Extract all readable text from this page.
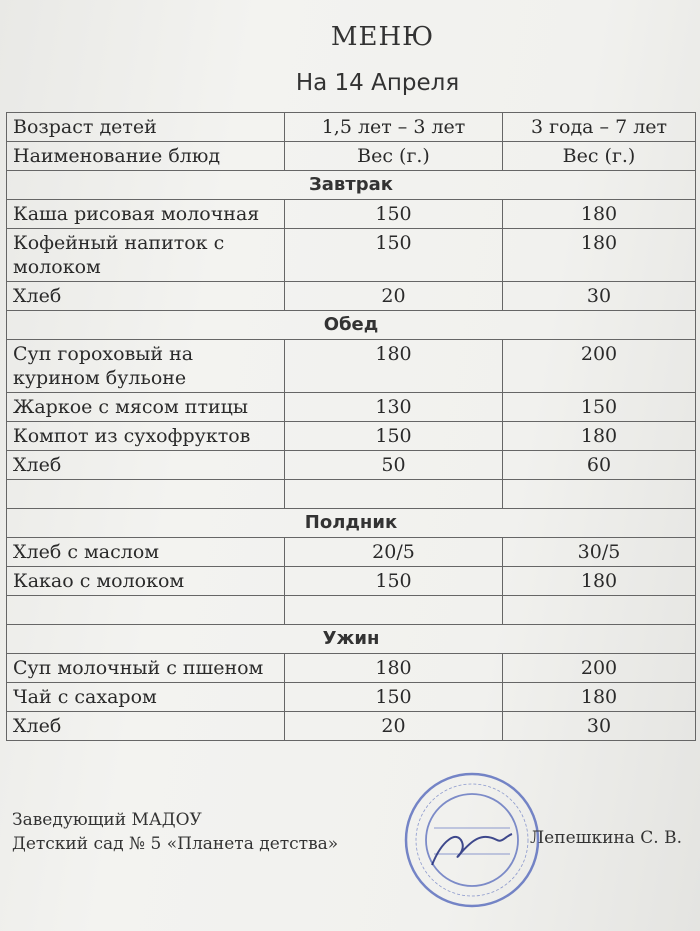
МЕНЮ
На 14 Апреля
Возраст детей	1,5 лет – 3 лет	3 года – 7 лет
Наименование блюд	Вес (г.)	Вес (г.)
Завтрак		
Каша рисовая молочная	150	180
Кофейный напиток с молоком	150	180
Хлеб	20	30
Обед		
Суп гороховый на курином бульоне	180	200
Жаркое с мясом птицы	130	150
Компот из сухофруктов	150	180
Хлеб	50	60

Полдник		
Хлеб с маслом	20/5	30/5
Какао с молоком	150	180

Ужин		
Суп молочный с пшеном	180	200
Чай с сахаром	150	180
Хлеб	20	30
Заведующий МАДОУ
Детский сад № 5 «Планета детства»	Лепешкина С. В.
